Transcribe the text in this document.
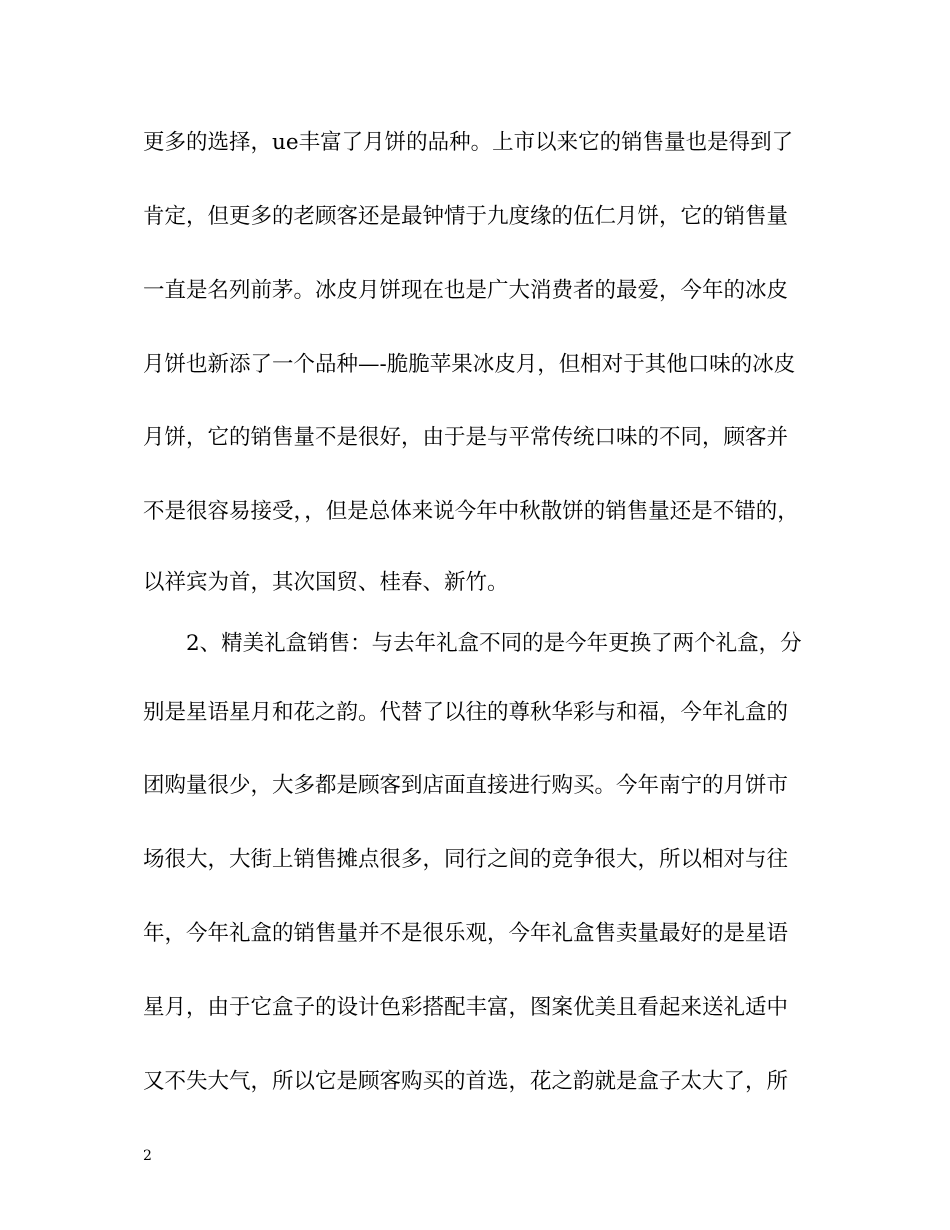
更多的选择，ue丰富了月饼的品种。上市以来它的销售量也是得到了
肯定，但更多的老顾客还是最钟情于九度缘的伍仁月饼，它的销售量
一直是名列前茅。冰皮月饼现在也是广大消费者的最爱，今年的冰皮
月饼也新添了一个品种—-脆脆苹果冰皮月，但相对于其他口味的冰皮
月饼，它的销售量不是很好，由于是与平常传统口味的不同，顾客并
不是很容易接受，，但是总体来说今年中秋散饼的销售量还是不错的，
以祥宾为首，其次国贸、桂春、新竹。
　　2、精美礼盒销售：与去年礼盒不同的是今年更换了两个礼盒，分
别是星语星月和花之韵。代替了以往的尊秋华彩与和福，今年礼盒的
团购量很少，大多都是顾客到店面直接进行购买。今年南宁的月饼市
场很大，大街上销售摊点很多，同行之间的竞争很大，所以相对与往
年，今年礼盒的销售量并不是很乐观，今年礼盒售卖量最好的是星语
星月，由于它盒子的设计色彩搭配丰富，图案优美且看起来送礼适中
又不失大气，所以它是顾客购买的首选，花之韵就是盒子太大了，所
2
